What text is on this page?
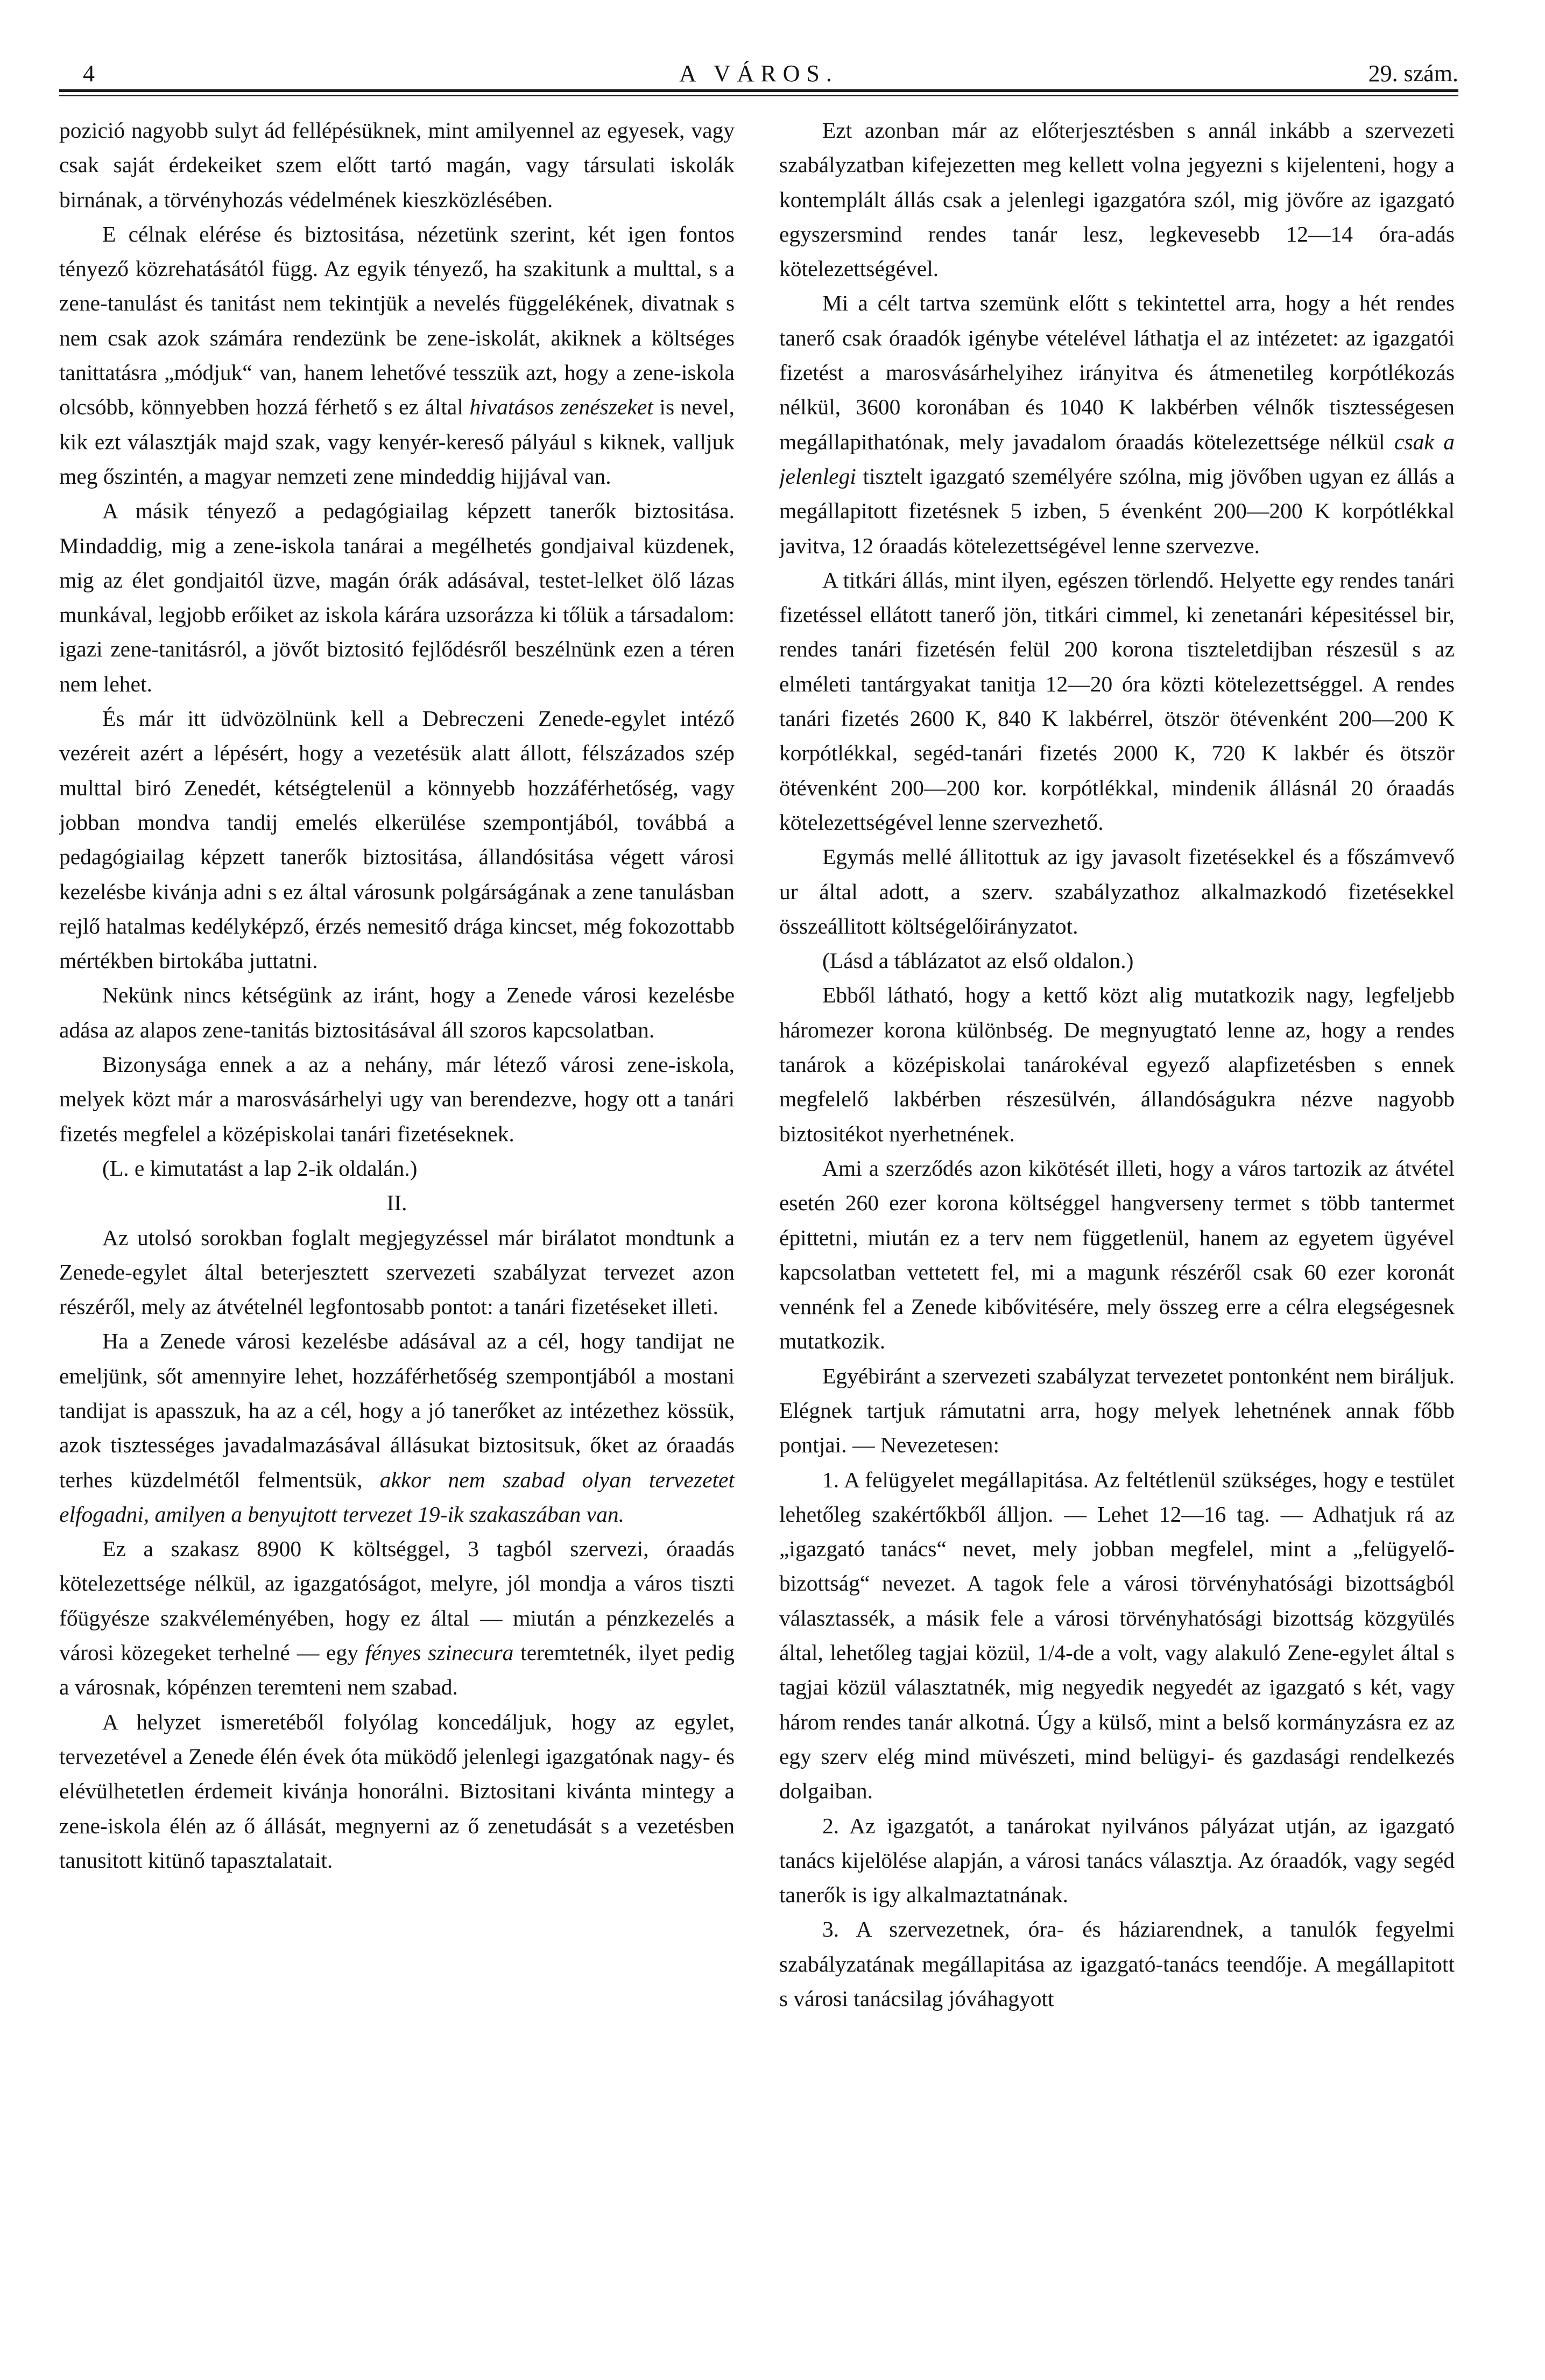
4	A VÁROS.	29. szám.

pozició nagyobb sulyt ád fellépésüknek, mint amilyennel az egyesek, vagy csak saját érdekeiket szem előtt tartó magán, vagy társulati iskolák birnának, a törvényhozás védelmének kieszközlésében.

E célnak elérése és biztositása, nézetünk szerint, két igen fontos tényező közrehatásától függ. Az egyik tényező, ha szakitunk a multtal, s a zene-tanulást és tanitást nem tekintjük a nevelés függelékének, divatnak s nem csak azok számára rendezünk be zene-iskolát, akiknek a költséges tanittatásra „módjuk“ van, hanem lehetővé tesszük azt, hogy a zene-iskola olcsóbb, könnyebben hozzá férhető s ez által hivatásos zenészeket is nevel, kik ezt választják majd szak, vagy kenyér-kereső pályául s kiknek, valljuk meg őszintén, a magyar nemzeti zene mindeddig hijjával van.

A másik tényező a pedagógiailag képzett tanerők biztositása. Mindaddig, mig a zene-iskola tanárai a megélhetés gondjaival küzdenek, mig az élet gondjaitól üzve, magán órák adásával, testet-lelket ölő lázas munkával, legjobb erőiket az iskola kárára uzsorázza ki tőlük a társadalom: igazi zene-tanitásról, a jövőt biztositó fejlődésről beszélnünk ezen a téren nem lehet.

És már itt üdvözölnünk kell a Debreczeni Zenede-egylet intéző vezéreit azért a lépésért, hogy a vezetésük alatt állott, félszázados szép multtal biró Zenedét, kétségtelenül a könnyebb hozzáférhetőség, vagy jobban mondva tandij emelés elkerülése szempontjából, továbbá a pedagógiailag képzett tanerők biztositása, állandósitása végett városi kezelésbe kivánja adni s ez által városunk polgárságának a zene tanulásban rejlő hatalmas kedélyképző, érzés nemesitő drága kincset, még fokozottabb mértékben birtokába juttatni.

Nekünk nincs kétségünk az iránt, hogy a Zenede városi kezelésbe adása az alapos zene-tanitás biztositásával áll szoros kapcsolatban.

Bizonysága ennek a az a nehány, már létező városi zene-iskola, melyek közt már a marosvásárhelyi ugy van berendezve, hogy ott a tanári fizetés megfelel a középiskolai tanári fizetéseknek.

(L. e kimutatást a lap 2-ik oldalán.)

II.

Az utolsó sorokban foglalt megjegyzéssel már birálatot mondtunk a Zenede-egylet által beterjesztett szervezeti szabályzat tervezet azon részéről, mely az átvételnél legfontosabb pontot: a tanári fizetéseket illeti.

Ha a Zenede városi kezelésbe adásával az a cél, hogy tandijat ne emeljünk, sőt amennyire lehet, hozzáférhetőség szempontjából a mostani tandijat is apasszuk, ha az a cél, hogy a jó tanerőket az intézethez kössük, azok tisztességes javadalmazásával állásukat biztositsuk, őket az óraadás terhes küzdelmétől felmentsük, akkor nem szabad olyan tervezetet elfogadni, amilyen a benyujtott tervezet 19-ik szakaszában van.

Ez a szakasz 8900 K költséggel, 3 tagból szervezi, óraadás kötelezettsége nélkül, az igazgatóságot, melyre, jól mondja a város tiszti főügyésze szakvéleményében, hogy ez által — miután a pénzkezelés a városi közegeket terhelné — egy fényes szinecura teremtetnék, ilyet pedig a városnak, kópénzen teremteni nem szabad.

A helyzet ismeretéből folyólag koncedáljuk, hogy az egylet, tervezetével a Zenede élén évek óta müködő jelenlegi igazgatónak nagy- és elévülhetetlen érdemeit kivánja honorálni. Biztositani kivánta mintegy a zene-iskola élén az ő állását, megnyerni az ő zenetudását s a vezetésben tanusitott kitünő tapasztalatait.

Ezt azonban már az előterjesztésben s annál inkább a szervezeti szabályzatban kifejezetten meg kellett volna jegyezni s kijelenteni, hogy a kontemplált állás csak a jelenlegi igazgatóra szól, mig jövőre az igazgató egyszersmind rendes tanár lesz, legkevesebb 12—14 óra-adás kötelezettségével.

Mi a célt tartva szemünk előtt s tekintettel arra, hogy a hét rendes tanerő csak óraadók igénybe vételével láthatja el az intézetet: az igazgatói fizetést a marosvásárhelyihez irányitva és átmenetileg korpótlékozás nélkül, 3600 koronában és 1040 K lakbérben vélnők tisztességesen megállapithatónak, mely javadalom óraadás kötelezettsége nélkül csak a jelenlegi tisztelt igazgató személyére szólna, mig jövőben ugyan ez állás a megállapitott fizetésnek 5 izben, 5 évenként 200—200 K korpótlékkal javitva, 12 óraadás kötelezettségével lenne szervezve.

A titkári állás, mint ilyen, egészen törlendő. Helyette egy rendes tanári fizetéssel ellátott tanerő jön, titkári cimmel, ki zenetanári képesitéssel bir, rendes tanári fizetésén felül 200 korona tiszteletdijban részesül s az elméleti tantárgyakat tanitja 12—20 óra közti kötelezettséggel. A rendes tanári fizetés 2600 K, 840 K lakbérrel, ötször ötévenként 200—200 K korpótlékkal, segéd-tanári fizetés 2000 K, 720 K lakbér és ötször ötévenként 200—200 kor. korpótlékkal, mindenik állásnál 20 óraadás kötelezettségével lenne szervezhető.

Egymás mellé állitottuk az igy javasolt fizetésekkel és a főszámvevő ur által adott, a szerv. szabályzathoz alkalmazkodó fizetésekkel összeállitott költségelőirányzatot.

(Lásd a táblázatot az első oldalon.)

Ebből látható, hogy a kettő közt alig mutatkozik nagy, legfeljebb háromezer korona különbség. De megnyugtató lenne az, hogy a rendes tanárok a középiskolai tanárokéval egyező alapfizetésben s ennek megfelelő lakbérben részesülvén, állandóságukra nézve nagyobb biztositékot nyerhetnének.

Ami a szerződés azon kikötését illeti, hogy a város tartozik az átvétel esetén 260 ezer korona költséggel hangverseny termet s több tantermet épittetni, miután ez a terv nem függetlenül, hanem az egyetem ügyével kapcsolatban vettetett fel, mi a magunk részéről csak 60 ezer koronát vennénk fel a Zenede kibővitésére, mely összeg erre a célra elegségesnek mutatkozik.

Egyébiránt a szervezeti szabályzat tervezetet pontonként nem biráljuk. Elégnek tartjuk rámutatni arra, hogy melyek lehetnének annak főbb pontjai. — Nevezetesen:

1. A felügyelet megállapitása. Az feltétlenül szükséges, hogy e testület lehetőleg szakértőkből álljon. — Lehet 12—16 tag. — Adhatjuk rá az „igazgató tanács“ nevet, mely jobban megfelel, mint a „felügyelő-bizottság“ nevezet. A tagok fele a városi törvényhatósági bizottságból választassék, a másik fele a városi törvényhatósági bizottság közgyülés által, lehetőleg tagjai közül, 1/4-de a volt, vagy alakuló Zene-egylet által s tagjai közül választatnék, mig negyedik negyedét az igazgató s két, vagy három rendes tanár alkotná. Úgy a külső, mint a belső kormányzásra ez az egy szerv elég mind müvészeti, mind belügyi- és gazdasági rendelkezés dolgaiban.

2. Az igazgatót, a tanárokat nyilvános pályázat utján, az igazgató tanács kijelölése alapján, a városi tanács választja. Az óraadók, vagy segéd tanerők is igy alkalmaztatnának.

3. A szervezetnek, óra- és háziarendnek, a tanulók fegyelmi szabályzatának megállapitása az igazgató-tanács teendője. A megállapitott s városi tanácsilag jóváhagyott
